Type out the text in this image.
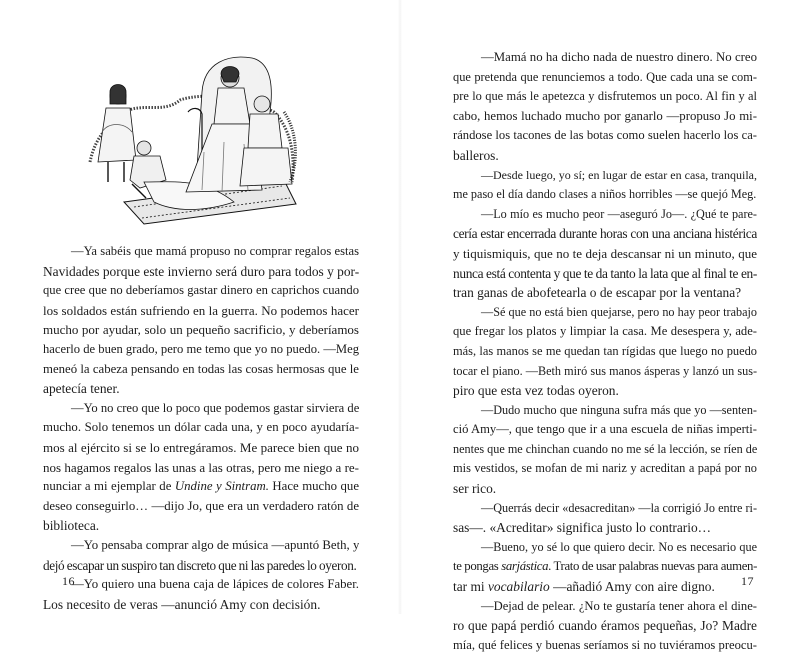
—Ya sabéis que mamá propuso no comprar regalos estas
Navidades porque este invierno será duro para todos y por-
que cree que no deberíamos gastar dinero en caprichos cuando
los soldados están sufriendo en la guerra. No podemos hacer
mucho por ayudar, solo un pequeño sacrificio, y deberíamos
hacerlo de buen grado, pero me temo que yo no puedo. —Meg
meneó la cabeza pensando en todas las cosas hermosas que le
apetecía tener.
—Yo no creo que lo poco que podemos gastar sirviera de
mucho. Solo tenemos un dólar cada una, y en poco ayudaría-
mos al ejército si se lo entregáramos. Me parece bien que no
nos hagamos regalos las unas a las otras, pero me niego a re-
nunciar a mi ejemplar de Undine y Sintram. Hace mucho que
deseo conseguirlo… —dijo Jo, que era un verdadero ratón de
biblioteca.
—Yo pensaba comprar algo de música —apuntó Beth, y
dejó escapar un suspiro tan discreto que ni las paredes lo oyeron.
—Yo quiero una buena caja de lápices de colores Faber.
Los necesito de veras —anunció Amy con decisión.
—Mamá no ha dicho nada de nuestro dinero. No creo
que pretenda que renunciemos a todo. Que cada una se com-
pre lo que más le apetezca y disfrutemos un poco. Al fin y al
cabo, hemos luchado mucho por ganarlo —propuso Jo mi-
rándose los tacones de las botas como suelen hacerlo los ca-
balleros.
—Desde luego, yo sí; en lugar de estar en casa, tranquila,
me paso el día dando clases a niños horribles —se quejó Meg.
—Lo mío es mucho peor —aseguró Jo—. ¿Qué te pare-
cería estar encerrada durante horas con una anciana histérica
y tiquismiquis, que no te deja descansar ni un minuto, que
nunca está contenta y que te da tanto la lata que al final te en-
tran ganas de abofetearla o de escapar por la ventana?
—Sé que no está bien quejarse, pero no hay peor trabajo
que fregar los platos y limpiar la casa. Me desespera y, ade-
más, las manos se me quedan tan rígidas que luego no puedo
tocar el piano. —Beth miró sus manos ásperas y lanzó un sus-
piro que esta vez todas oyeron.
—Dudo mucho que ninguna sufra más que yo —senten-
ció Amy—, que tengo que ir a una escuela de niñas imperti-
nentes que me chinchan cuando no me sé la lección, se ríen de
mis vestidos, se mofan de mi nariz y acreditan a papá por no
ser rico.
—Querrás decir «desacreditan» —la corrigió Jo entre ri-
sas—. «Acreditar» significa justo lo contrario…
—Bueno, yo sé lo que quiero decir. No es necesario que
te pongas sarjástica. Trato de usar palabras nuevas para aumen-
tar mi vocabilario —añadió Amy con aire digno.
—Dejad de pelear. ¿No te gustaría tener ahora el dine-
ro que papá perdió cuando éramos pequeñas, Jo? Madre
mía, qué felices y buenas seríamos si no tuviéramos preocu-
16	17
